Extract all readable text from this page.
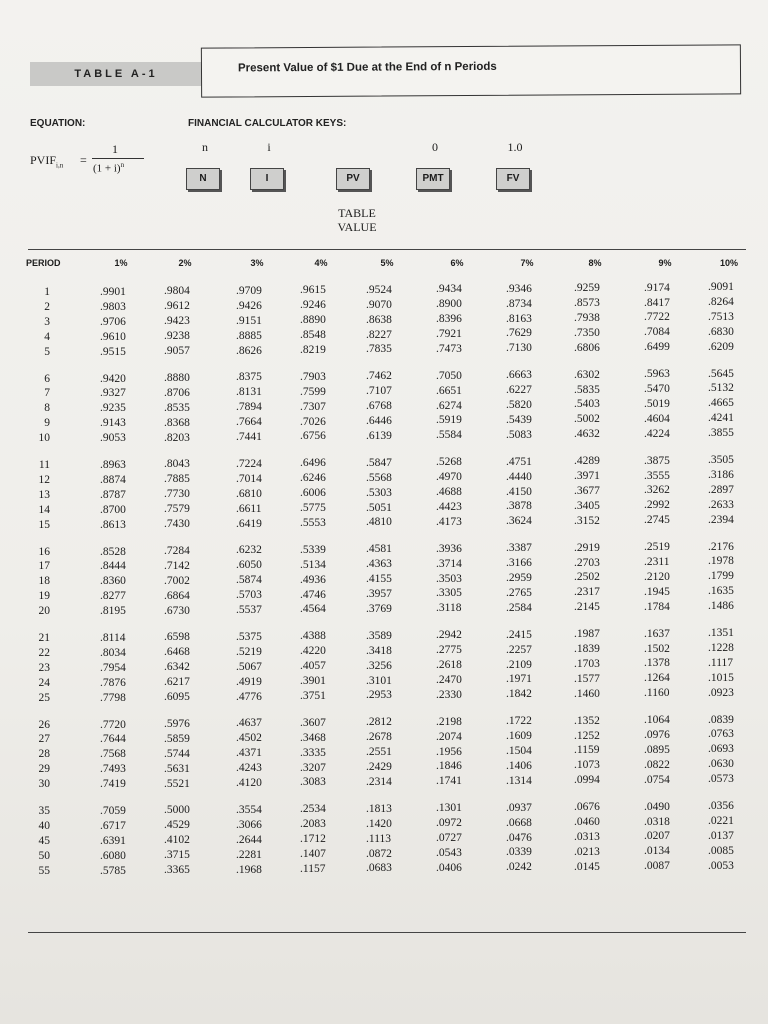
TABLE A-1	Present Value of $1 Due at the End of n Periods
EQUATION:	FINANCIAL CALCULATOR KEYS:
$PVIF_{i,n}$ =
1
$(1 + i)^n$
n
N
i
I	PV
0
PMT
1.0
FV
TABLE
VALUE
PERIOD	1%	2%	3%	4%	5%	6%	7%	8%	9%	10%
1	.9901	.9804	.9709	.9615	.9524	.9434	.9346	.9259	.9174	.9091
2	.9803	.9612	.9426	.9246	.9070	.8900	.8734	.8573	.8417	.8264
3	.9706	.9423	.9151	.8890	.8638	.8396	.8163	.7938	.7722	.7513
4	.9610	.9238	.8885	.8548	.8227	.7921	.7629	.7350	.7084	.6830
5	.9515	.9057	.8626	.8219	.7835	.7473	.7130	.6806	.6499	.6209
6	.9420	.8880	.8375	.7903	.7462	.7050	.6663	.6302	.5963	.5645
7	.9327	.8706	.8131	.7599	.7107	.6651	.6227	.5835	.5470	.5132
8	.9235	.8535	.7894	.7307	.6768	.6274	.5820	.5403	.5019	.4665
9	.9143	.8368	.7664	.7026	.6446	.5919	.5439	.5002	.4604	.4241
10	.9053	.8203	.7441	.6756	.6139	.5584	.5083	.4632	.4224	.3855
11	.8963	.8043	.7224	.6496	.5847	.5268	.4751	.4289	.3875	.3505
12	.8874	.7885	.7014	.6246	.5568	.4970	.4440	.3971	.3555	.3186
13	.8787	.7730	.6810	.6006	.5303	.4688	.4150	.3677	.3262	.2897
14	.8700	.7579	.6611	.5775	.5051	.4423	.3878	.3405	.2992	.2633
15	.8613	.7430	.6419	.5553	.4810	.4173	.3624	.3152	.2745	.2394
16	.8528	.7284	.6232	.5339	.4581	.3936	.3387	.2919	.2519	.2176
17	.8444	.7142	.6050	.5134	.4363	.3714	.3166	.2703	.2311	.1978
18	.8360	.7002	.5874	.4936	.4155	.3503	.2959	.2502	.2120	.1799
19	.8277	.6864	.5703	.4746	.3957	.3305	.2765	.2317	.1945	.1635
20	.8195	.6730	.5537	.4564	.3769	.3118	.2584	.2145	.1784	.1486
21	.8114	.6598	.5375	.4388	.3589	.2942	.2415	.1987	.1637	.1351
22	.8034	.6468	.5219	.4220	.3418	.2775	.2257	.1839	.1502	.1228
23	.7954	.6342	.5067	.4057	.3256	.2618	.2109	.1703	.1378	.1117
24	.7876	.6217	.4919	.3901	.3101	.2470	.1971	.1577	.1264	.1015
25	.7798	.6095	.4776	.3751	.2953	.2330	.1842	.1460	.1160	.0923
26	.7720	.5976	.4637	.3607	.2812	.2198	.1722	.1352	.1064	.0839
27	.7644	.5859	.4502	.3468	.2678	.2074	.1609	.1252	.0976	.0763
28	.7568	.5744	.4371	.3335	.2551	.1956	.1504	.1159	.0895	.0693
29	.7493	.5631	.4243	.3207	.2429	.1846	.1406	.1073	.0822	.0630
30	.7419	.5521	.4120	.3083	.2314	.1741	.1314	.0994	.0754	.0573
35	.7059	.5000	.3554	.2534	.1813	.1301	.0937	.0676	.0490	.0356
40	.6717	.4529	.3066	.2083	.1420	.0972	.0668	.0460	.0318	.0221
45	.6391	.4102	.2644	.1712	.1113	.0727	.0476	.0313	.0207	.0137
50	.6080	.3715	.2281	.1407	.0872	.0543	.0339	.0213	.0134	.0085
55	.5785	.3365	.1968	.1157	.0683	.0406	.0242	.0145	.0087	.0053
